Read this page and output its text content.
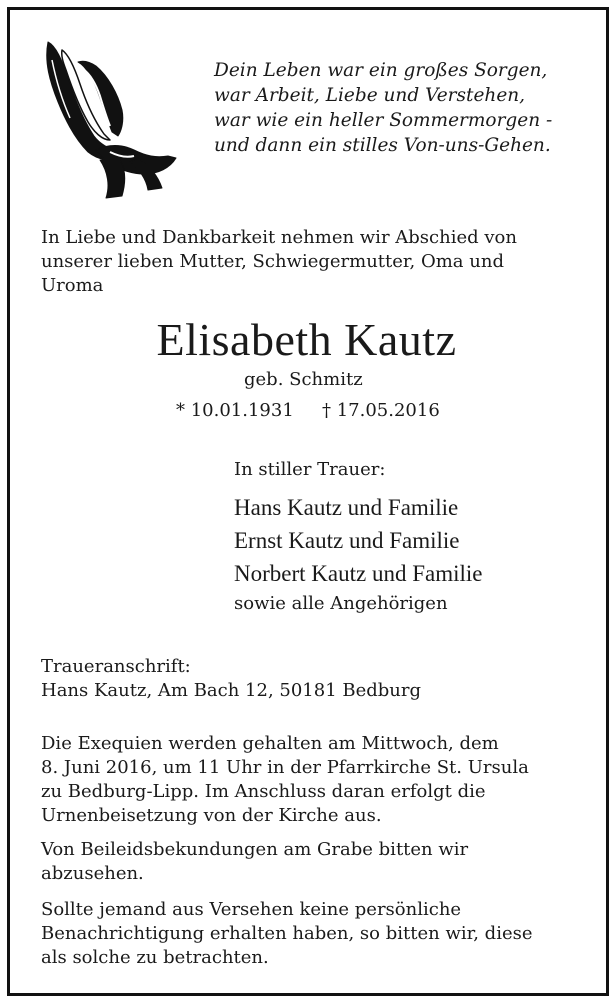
Dein Leben war ein großes Sorgen,
war Arbeit, Liebe und Verstehen,
war wie ein heller Sommermorgen -
und dann ein stilles Von-uns-Gehen.
In Liebe und Dankbarkeit nehmen wir Abschied von
unserer lieben Mutter, Schwiegermutter, Oma und
Uroma
Elisabeth Kautz
geb. Schmitz
* 10.01.1931 † 17.05.2016
In stiller Trauer:
Hans Kautz und Familie
Ernst Kautz und Familie
Norbert Kautz und Familie
sowie alle Angehörigen
Traueranschrift:
Hans Kautz, Am Bach 12, 50181 Bedburg
Die Exequien werden gehalten am Mittwoch, dem
8. Juni 2016, um 11 Uhr in der Pfarrkirche St. Ursula
zu Bedburg-Lipp. Im Anschluss daran erfolgt die
Urnenbeisetzung von der Kirche aus.
Von Beileidsbekundungen am Grabe bitten wir
abzusehen.
Sollte jemand aus Versehen keine persönliche
Benachrichtigung erhalten haben, so bitten wir, diese
als solche zu betrachten.
